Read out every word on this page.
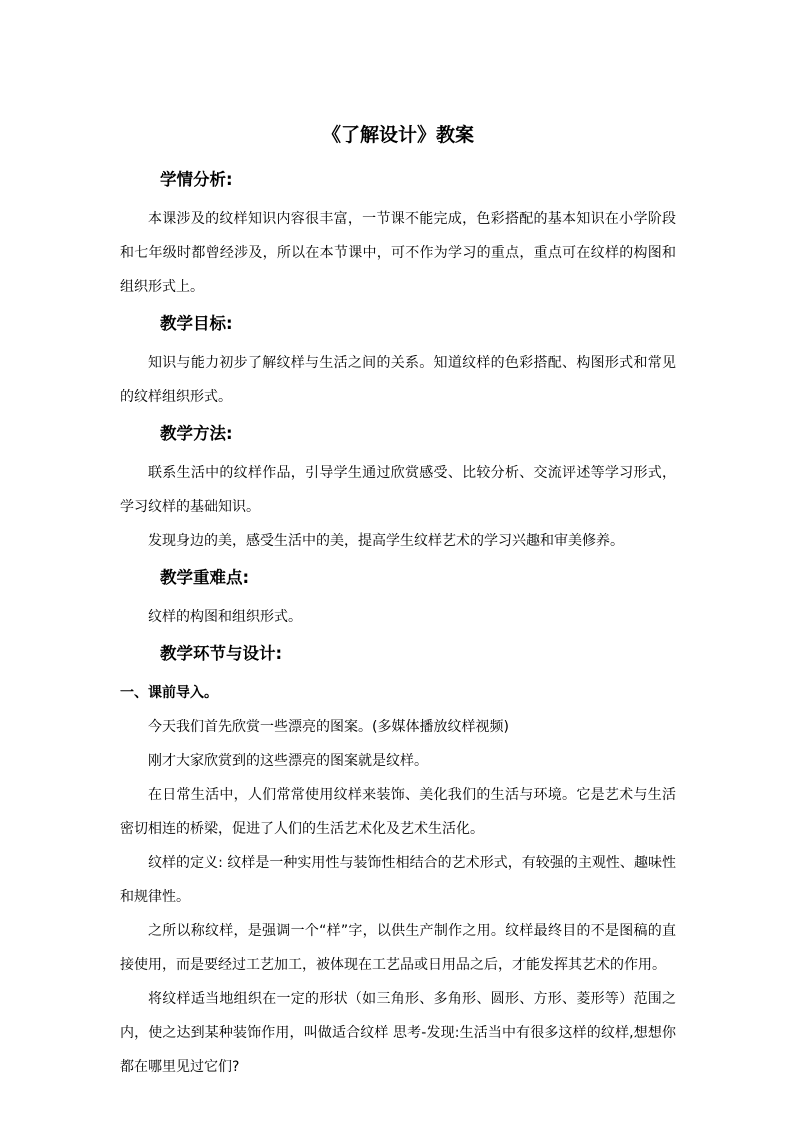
《了解设计》教案
学情分析:

本课涉及的纹样知识内容很丰富，一节课不能完成，色彩搭配的基本知识在小学阶段和七年级时都曾经涉及，所以在本节课中，可不作为学习的重点，重点可在纹样的构图和组织形式上。

教学目标:

知识与能力初步了解纹样与生活之间的关系。知道纹样的色彩搭配、构图形式和常见的纹样组织形式。

教学方法:

联系生活中的纹样作品，引导学生通过欣赏感受、比较分析、交流评述等学习形式，学习纹样的基础知识。

发现身边的美，感受生活中的美，提高学生纹样艺术的学习兴趣和审美修养。

教学重难点:

纹样的构图和组织形式。

教学环节与设计:

一、课前导入。

今天我们首先欣赏一些漂亮的图案。(多媒体播放纹样视频)

刚才大家欣赏到的这些漂亮的图案就是纹样。

在日常生活中，人们常常使用纹样来装饰、美化我们的生活与环境。它是艺术与生活密切相连的桥梁，促进了人们的生活艺术化及艺术生活化。

纹样的定义: 纹样是一种实用性与装饰性相结合的艺术形式，有较强的主观性、趣味性和规律性。

之所以称纹样，是强调一个“样”字，以供生产制作之用。纹样最终目的不是图稿的直接使用，而是要经过工艺加工，被体现在工艺品或日用品之后，才能发挥其艺术的作用。

将纹样适当地组织在一定的形状（如三角形、多角形、圆形、方形、菱形等）范围之内，使之达到某种装饰作用，叫做适合纹样 思考-发现:生活当中有很多这样的纹样,想想你都在哪里见过它们?
